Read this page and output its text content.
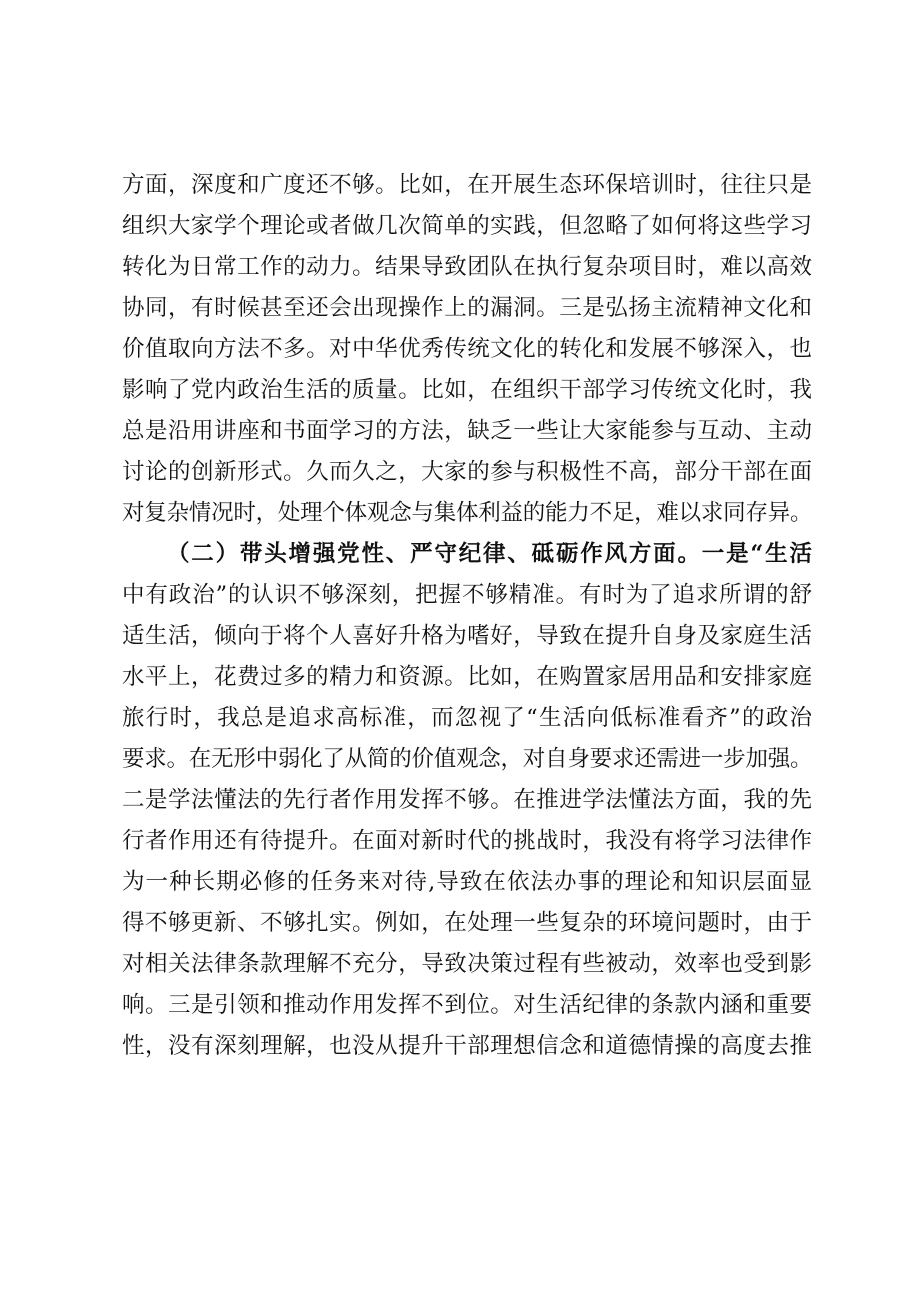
方面，深度和广度还不够。比如，在开展生态环保培训时，往往只是
组织大家学个理论或者做几次简单的实践，但忽略了如何将这些学习
转化为日常工作的动力。结果导致团队在执行复杂项目时，难以高效
协同，有时候甚至还会出现操作上的漏洞。三是弘扬主流精神文化和
价值取向方法不多。对中华优秀传统文化的转化和发展不够深入，也
影响了党内政治生活的质量。比如，在组织干部学习传统文化时，我
总是沿用讲座和书面学习的方法，缺乏一些让大家能参与互动、主动
讨论的创新形式。久而久之，大家的参与积极性不高，部分干部在面
对复杂情况时，处理个体观念与集体利益的能力不足，难以求同存异。
（二）带头增强党性、严守纪律、砥砺作风方面。一是“生活
中有政治”的认识不够深刻，把握不够精准。有时为了追求所谓的舒
适生活，倾向于将个人喜好升格为嗜好，导致在提升自身及家庭生活
水平上，花费过多的精力和资源。比如，在购置家居用品和安排家庭
旅行时，我总是追求高标准，而忽视了“生活向低标准看齐”的政治
要求。在无形中弱化了从简的价值观念，对自身要求还需进一步加强。
二是学法懂法的先行者作用发挥不够。在推进学法懂法方面，我的先
行者作用还有待提升。在面对新时代的挑战时，我没有将学习法律作
为一种长期必修的任务来对待,导致在依法办事的理论和知识层面显
得不够更新、不够扎实。例如，在处理一些复杂的环境问题时，由于
对相关法律条款理解不充分，导致决策过程有些被动，效率也受到影
响。三是引领和推动作用发挥不到位。对生活纪律的条款内涵和重要
性，没有深刻理解，也没从提升干部理想信念和道德情操的高度去推
